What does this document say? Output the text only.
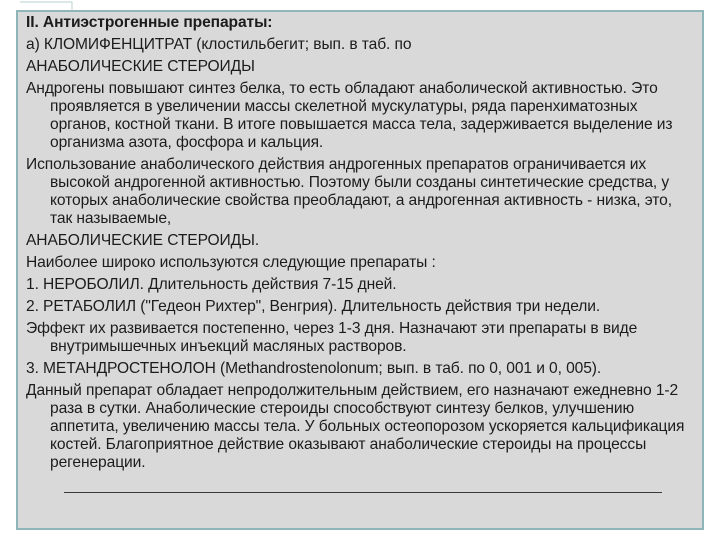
II. Антиэстрогенные препараты:

а) КЛОМИФЕНЦИТРАТ (клостильбегит; вып. в таб. по

АНАБОЛИЧЕСКИЕ СТЕРОИДЫ

Андрогены повышают синтез белка, то есть обладают анаболической активностью. Это проявляется в увеличении массы скелетной мускулатуры, ряда паренхиматозных органов, костной ткани. В итоге повышается масса тела, задерживается выделение из организма азота, фосфора и кальция.

Использование анаболического действия андрогенных препаратов ограничивается их высокой андрогенной активностью. Поэтому были созданы синтетические средства, у которых анаболические свойства преобладают, а андрогенная активность - низка, это, так называемые,

АНАБОЛИЧЕСКИЕ СТЕРОИДЫ.

Наиболее широко используются следующие препараты :

1. НЕРОБОЛИЛ. Длительность действия 7-15 дней.

2. РЕТАБОЛИЛ ("Гедеон Рихтер", Венгрия). Длительность действия три недели.

Эффект их развивается постепенно, через 1-3 дня. Назначают эти препараты в виде внутримышечных инъекций масляных растворов.

3. МЕТАНДРОСТЕНОЛОН (Methandrostenolonum; вып. в таб. по 0, 001 и 0, 005).

Данный препарат обладает непродолжительным действием, его назначают ежедневно 1-2 раза в сутки. Анаболические стероиды способствуют синтезу белков, улучшению аппетита, увеличению массы тела. У больных остеопорозом ускоряется кальцификация костей. Благоприятное действие оказывают анаболические стероиды на процессы регенерации.
